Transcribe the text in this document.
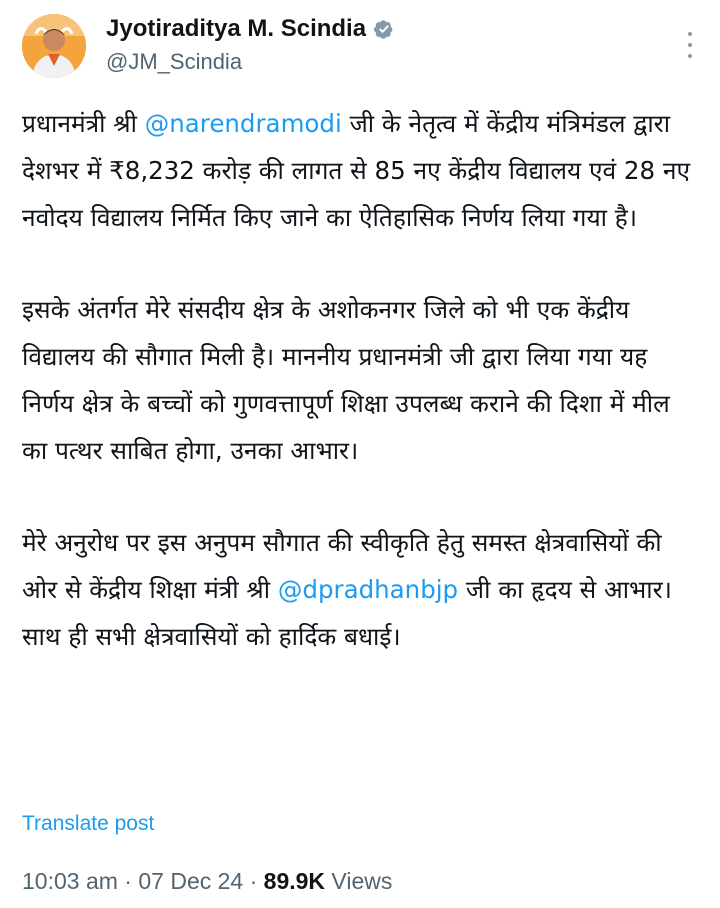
Jyotiraditya M. Scindia
@JM_Scindia

प्रधानमंत्री श्री @narendramodi जी के नेतृत्व में केंद्रीय मंत्रिमंडल द्वारा देशभर में ₹8,232 करोड़ की लागत से 85 नए केंद्रीय विद्यालय एवं 28 नए नवोदय विद्यालय निर्मित किए जाने का ऐतिहासिक निर्णय लिया गया है।

इसके अंतर्गत मेरे संसदीय क्षेत्र के अशोकनगर जिले को भी एक केंद्रीय विद्यालय की सौगात मिली है। माननीय प्रधानमंत्री जी द्वारा लिया गया यह निर्णय क्षेत्र के बच्चों को गुणवत्तापूर्ण शिक्षा उपलब्ध कराने की दिशा में मील का पत्थर साबित होगा, उनका आभार।

मेरे अनुरोध पर इस अनुपम सौगात की स्वीकृति हेतु समस्त क्षेत्रवासियों की ओर से केंद्रीय शिक्षा मंत्री श्री @dpradhanbjp जी का हृदय से आभार। साथ ही सभी क्षेत्रवासियों को हार्दिक बधाई।

Translate post
10:03 am · 07 Dec 24 · 89.9K Views
